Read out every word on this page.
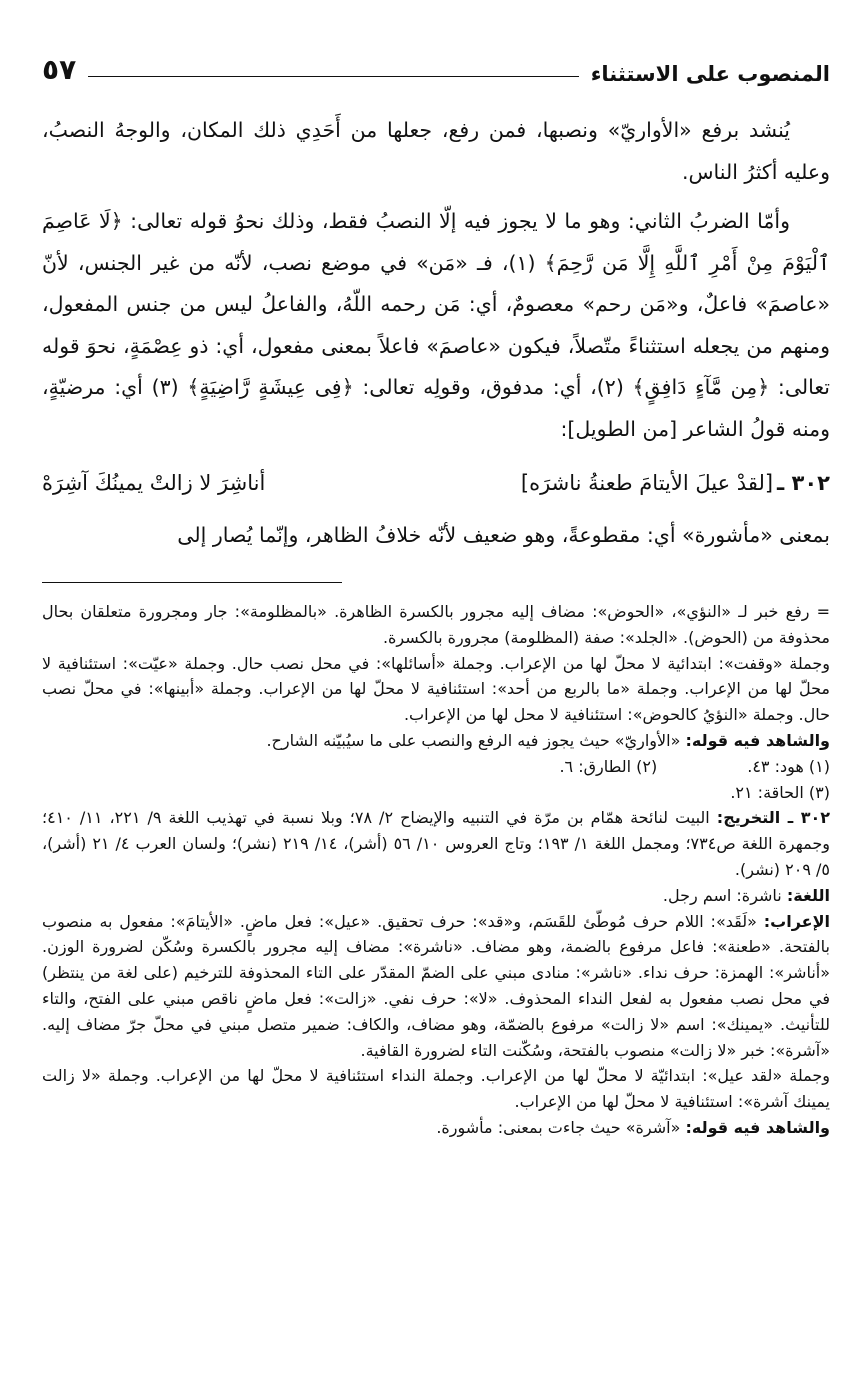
المنصوب على الاستثناء
٥٧

يُنشد برفع «الأواريّ» ونصبها، فمن رفع، جعلها من أَحَدِي ذلك المكان، والوجهُ النصبُ، وعليه أكثرُ الناس.

وأمّا الضربُ الثاني: وهو ما لا يجوز فيه إلّا النصبُ فقط، وذلك نحوُ قوله تعالى: ﴿لَا عَاصِمَ ٱلْيَوْمَ مِنْ أَمْرِ ٱللَّهِ إِلَّا مَن رَّحِمَ﴾ (١)، فـ «مَن» في موضع نصب، لأنّه من غير الجنس، لأنّ «عاصمَ» فاعلٌ، و«مَن رحم» معصومٌ، أي: مَن رحمه اللّهُ، والفاعلُ ليس من جنس المفعول، ومنهم من يجعله استثناءً متّصلاً، فيكون «عاصمَ» فاعلاً بمعنى مفعول، أي: ذو عِصْمَةٍ، نحوَ قوله تعالى: ﴿مِن مَّآءٍ دَافِقٍ﴾ (٢)، أي: مدفوق، وقولِه تعالى: ﴿فِى عِيشَةٍ رَّاضِيَةٍ﴾ (٣) أي: مرضيّةٍ، ومنه قولُ الشاعر [من الطويل]:

٣٠٢ ـ[لقدْ عيلَ الأيتامَ طعنةُ ناشرَه]
أناشِرَ لا زالتْ يمينُكَ آشِرَهْ
بمعنى «مأشورة» أي: مقطوعةً، وهو ضعيف لأنّه خلافُ الظاهر، وإنّما يُصار إلى

= رفع خبر لـ «النؤي»، «الحوض»: مضاف إليه مجرور بالكسرة الظاهرة. «بالمظلومة»: جار ومجرورة متعلقان بحال محذوفة من (الحوض). «الجلد»: صفة (المظلومة) مجرورة بالكسرة.

وجملة «وقفت»: ابتدائية لا محلّ لها من الإعراب. وجملة «أسائلها»: في محل نصب حال. وجملة «عيّت»: استئنافية لا محلّ لها من الإعراب. وجملة «ما بالربع من أحد»: استئنافية لا محلّ لها من الإعراب. وجملة «أبينها»: في محلّ نصب حال. وجملة «النؤيُ كالحوض»: استئنافية لا محل لها من الإعراب.

والشاهد فيه قوله: «الأواريّ» حيث يجوز فيه الرفع والنصب على ما سيُبيّنه الشارح.

(١) هود: ٤٣.
(٢) الطارق: ٦.
(٣) الحاقة: ٢١.

٣٠٢ ـ التخريج: البيت لنائحة همّام بن مرّة في التنبيه والإيضاح ٢/ ٧٨؛ وبلا نسبة في تهذيب اللغة ٩/ ٢٢١، ١١/ ٤١٠؛ وجمهرة اللغة ص٧٣٤؛ ومجمل اللغة ١/ ١٩٣؛ وتاج العروس ١٠/ ٥٦ (أشر)، ١٤/ ٢١٩ (نشر)؛ ولسان العرب ٤/ ٢١ (أشر)، ٥/ ٢٠٩ (نشر).

اللغة: ناشرة: اسم رجل.

الإعراب: «لَقَد»: اللام حرف مُوطّئ للقَسَم، و«قد»: حرف تحقيق. «عيل»: فعل ماضٍ. «الأيتامَ»: مفعول به منصوب بالفتحة. «طعنة»: فاعل مرفوع بالضمة، وهو مضاف. «ناشرة»: مضاف إليه مجرور بالكسرة وسُكّن لضرورة الوزن. «أناشر»: الهمزة: حرف نداء. «ناشر»: منادى مبني على الضمّ المقدّر على التاء المحذوفة للترخيم (على لغة من ينتظر) في محل نصب مفعول به لفعل النداء المحذوف. «لا»: حرف نفي. «زالت»: فعل ماضٍ ناقص مبني على الفتح، والتاء للتأنيث. «يمينك»: اسم «لا زالت» مرفوع بالضمّة، وهو مضاف، والكاف: ضمير متصل مبني في محلّ جرّ مضاف إليه. «آشرة»: خبر «لا زالت» منصوب بالفتحة، وسُكّنت التاء لضرورة القافية.

وجملة «لقد عيل»: ابتدائيّة لا محلّ لها من الإعراب. وجملة النداء استئنافية لا محلّ لها من الإعراب. وجملة «لا زالت يمينك آشرة»: استئنافية لا محلّ لها من الإعراب.

والشاهد فيه قوله: «آشرة» حيث جاءت بمعنى: مأشورة.
